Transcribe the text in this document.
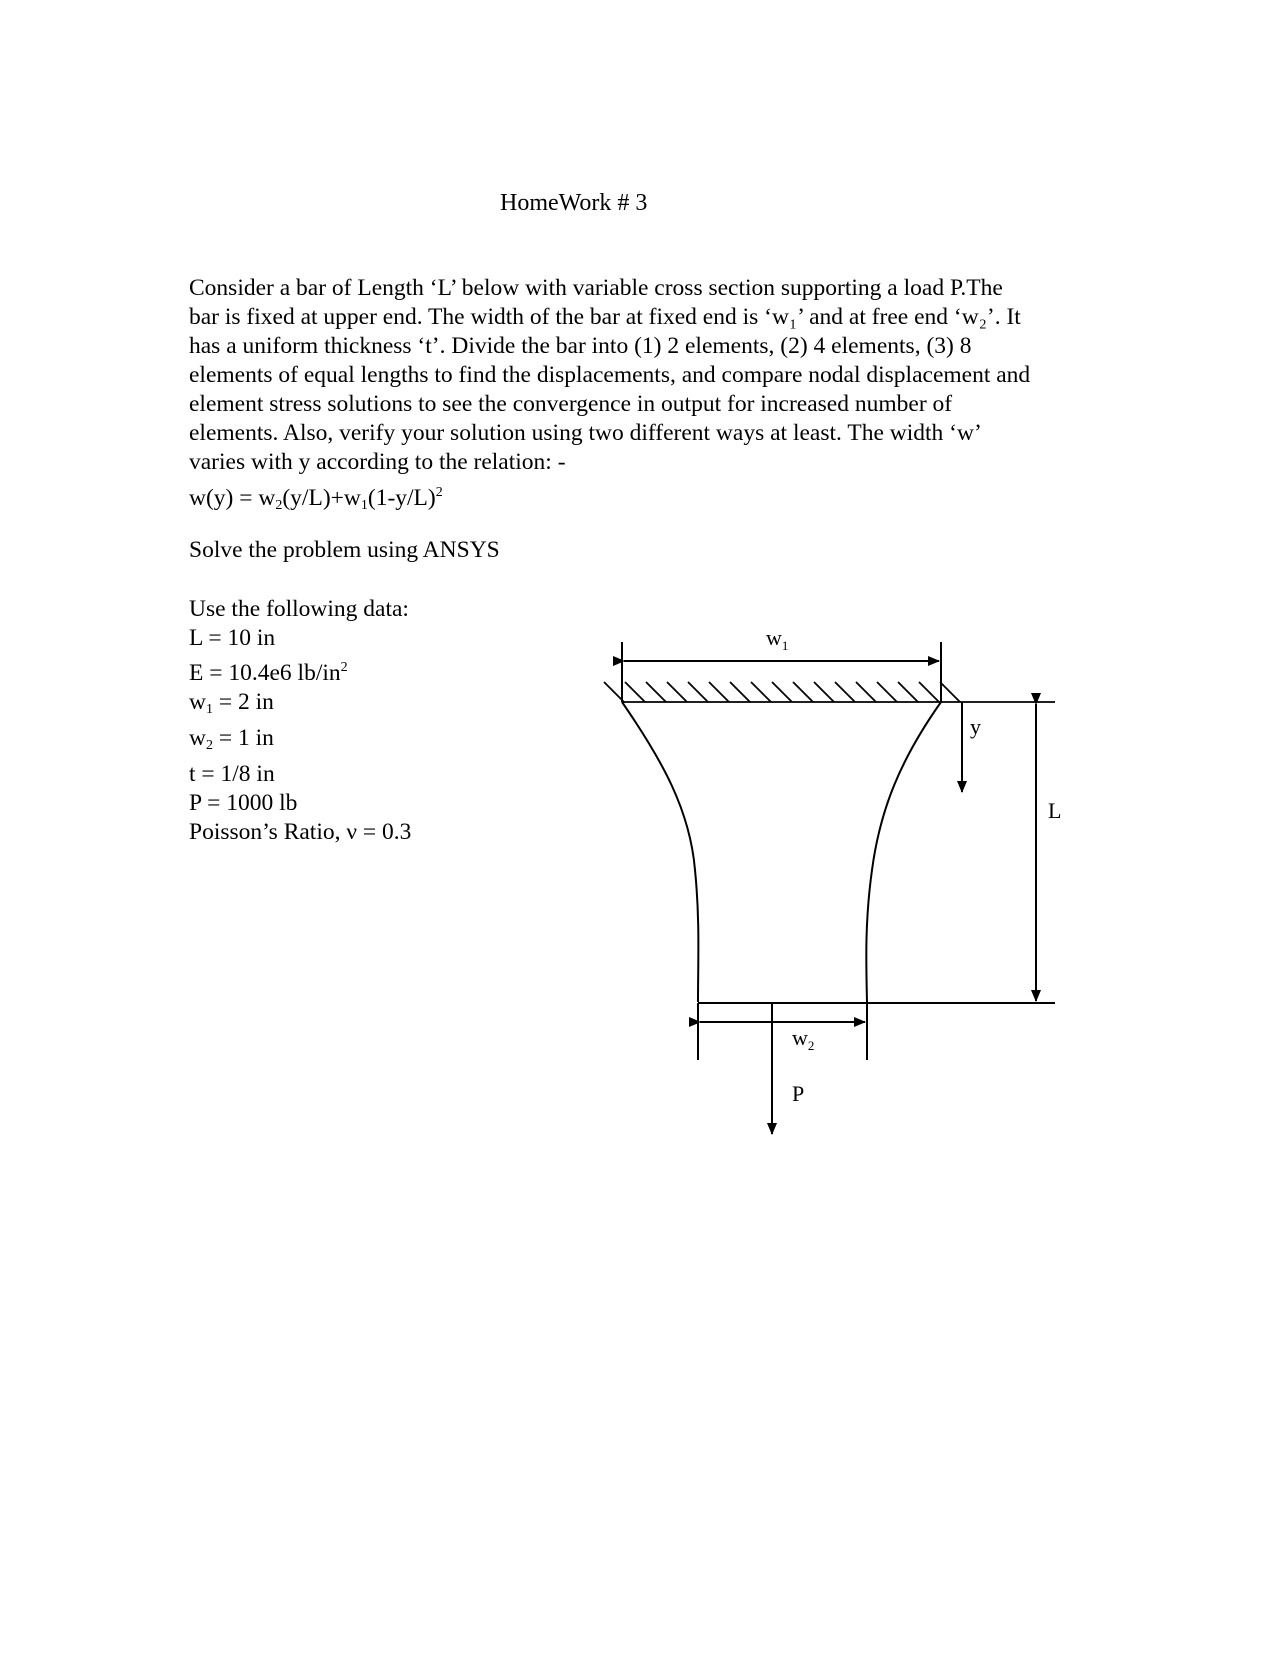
HomeWork # 3
Consider a bar of Length ‘L’ below with variable cross section supporting a load P.The
bar is fixed at upper end. The width of the bar at fixed end is ‘w₁’ and at free end ‘w₂’. It
has a uniform thickness ‘t’. Divide the bar into (1) 2 elements, (2) 4 elements, (3) 8
elements of equal lengths to find the displacements, and compare nodal displacement and
element stress solutions to see the convergence in output for increased number of
elements. Also, verify your solution using two different ways at least. The width ‘w’
varies with y according to the relation: -
$w(y) = w_2(y/L)+w_1(1-y/L)^2$
Solve the problem using ANSYS
Use the following data:
L = 10 in
E = 10.4e6 $lb/in^2$
$w_1 = 2$ in
$w_2 = 1$ in
t = 1/8 in
P = 1000 lb
Poisson’s Ratio, ν = 0.3
$w_1$
y
L
$w_2$
P
